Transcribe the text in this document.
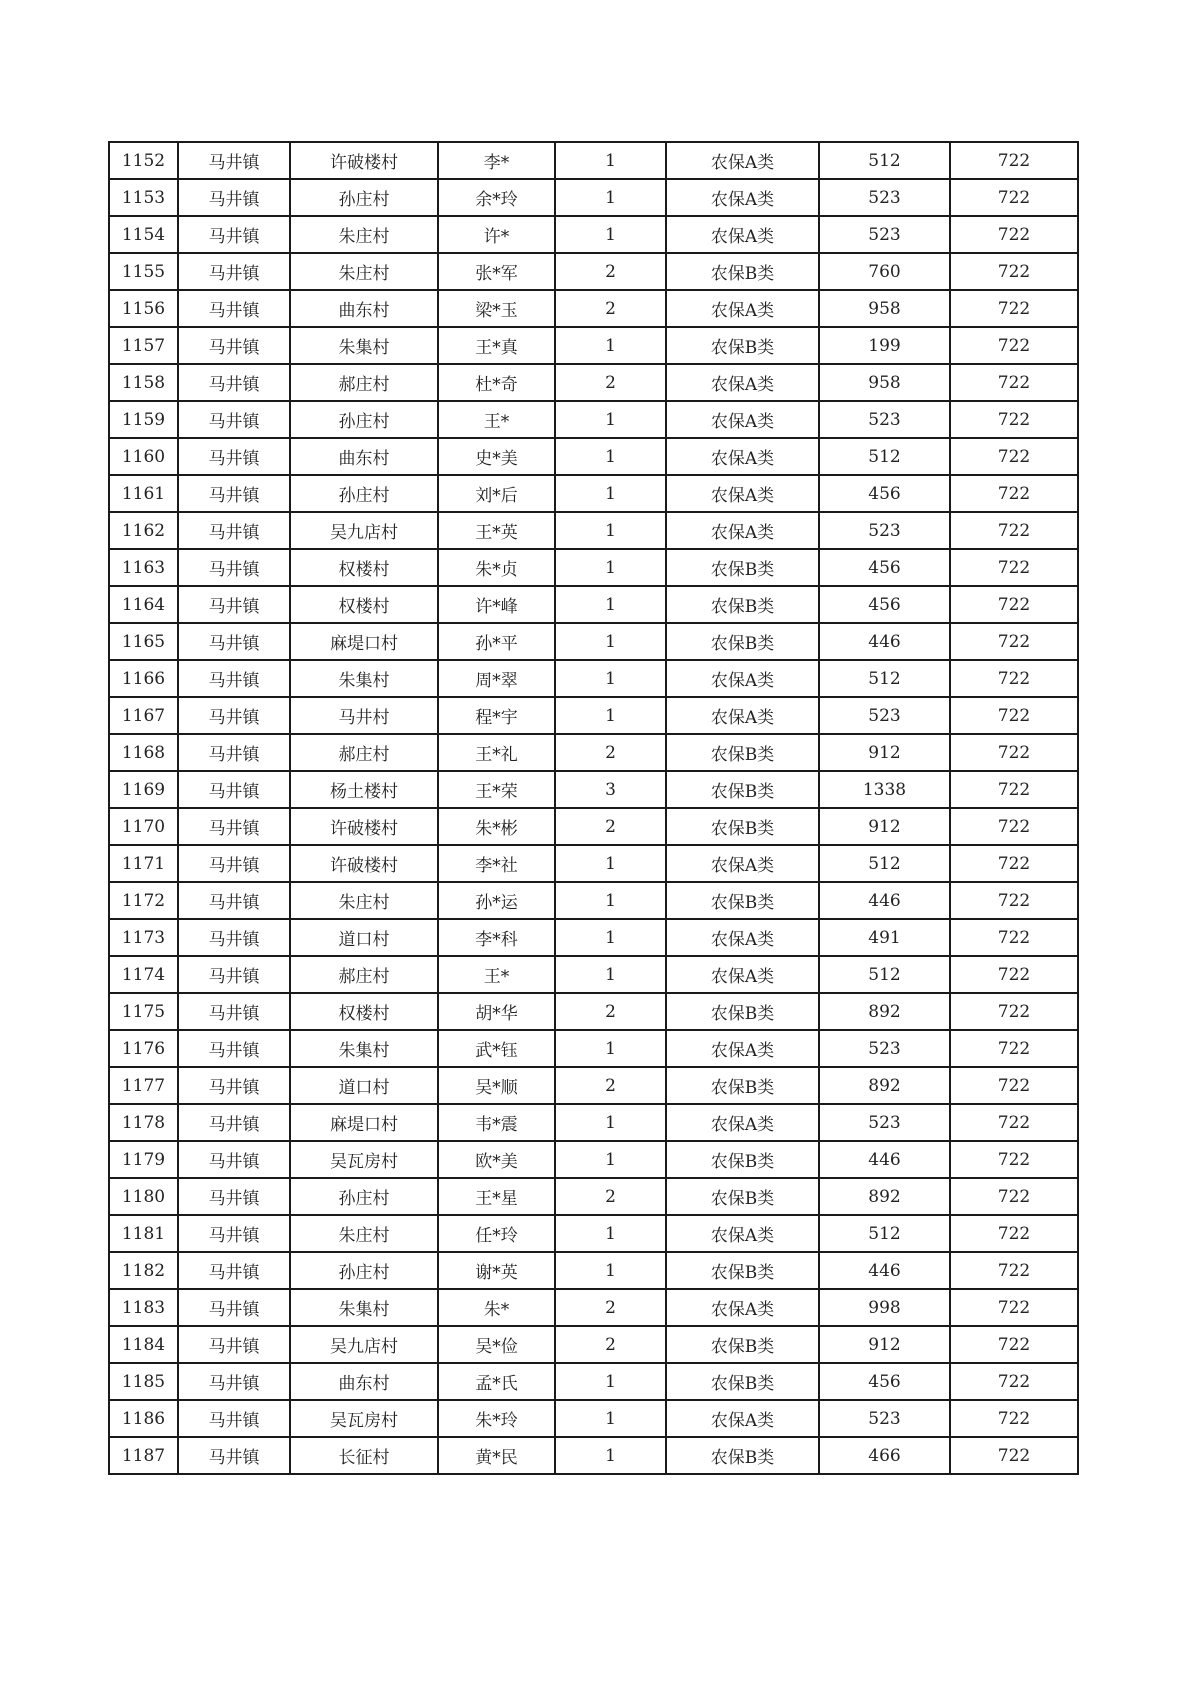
1152	马井镇	许破楼村	李*	1	农保A类	512	722
1153	马井镇	孙庄村	余*玲	1	农保A类	523	722
1154	马井镇	朱庄村	许*	1	农保A类	523	722
1155	马井镇	朱庄村	张*军	2	农保B类	760	722
1156	马井镇	曲东村	梁*玉	2	农保A类	958	722
1157	马井镇	朱集村	王*真	1	农保B类	199	722
1158	马井镇	郝庄村	杜*奇	2	农保A类	958	722
1159	马井镇	孙庄村	王*	1	农保A类	523	722
1160	马井镇	曲东村	史*美	1	农保A类	512	722
1161	马井镇	孙庄村	刘*后	1	农保A类	456	722
1162	马井镇	吴九店村	王*英	1	农保A类	523	722
1163	马井镇	权楼村	朱*贞	1	农保B类	456	722
1164	马井镇	权楼村	许*峰	1	农保B类	456	722
1165	马井镇	麻堤口村	孙*平	1	农保B类	446	722
1166	马井镇	朱集村	周*翠	1	农保A类	512	722
1167	马井镇	马井村	程*宇	1	农保A类	523	722
1168	马井镇	郝庄村	王*礼	2	农保B类	912	722
1169	马井镇	杨土楼村	王*荣	3	农保B类	1338	722
1170	马井镇	许破楼村	朱*彬	2	农保B类	912	722
1171	马井镇	许破楼村	李*社	1	农保A类	512	722
1172	马井镇	朱庄村	孙*运	1	农保B类	446	722
1173	马井镇	道口村	李*科	1	农保A类	491	722
1174	马井镇	郝庄村	王*	1	农保A类	512	722
1175	马井镇	权楼村	胡*华	2	农保B类	892	722
1176	马井镇	朱集村	武*钰	1	农保A类	523	722
1177	马井镇	道口村	吴*顺	2	农保B类	892	722
1178	马井镇	麻堤口村	韦*震	1	农保A类	523	722
1179	马井镇	吴瓦房村	欧*美	1	农保B类	446	722
1180	马井镇	孙庄村	王*星	2	农保B类	892	722
1181	马井镇	朱庄村	任*玲	1	农保A类	512	722
1182	马井镇	孙庄村	谢*英	1	农保B类	446	722
1183	马井镇	朱集村	朱*	2	农保A类	998	722
1184	马井镇	吴九店村	吴*俭	2	农保B类	912	722
1185	马井镇	曲东村	孟*氏	1	农保B类	456	722
1186	马井镇	吴瓦房村	朱*玲	1	农保A类	523	722
1187	马井镇	长征村	黄*民	1	农保B类	466	722
